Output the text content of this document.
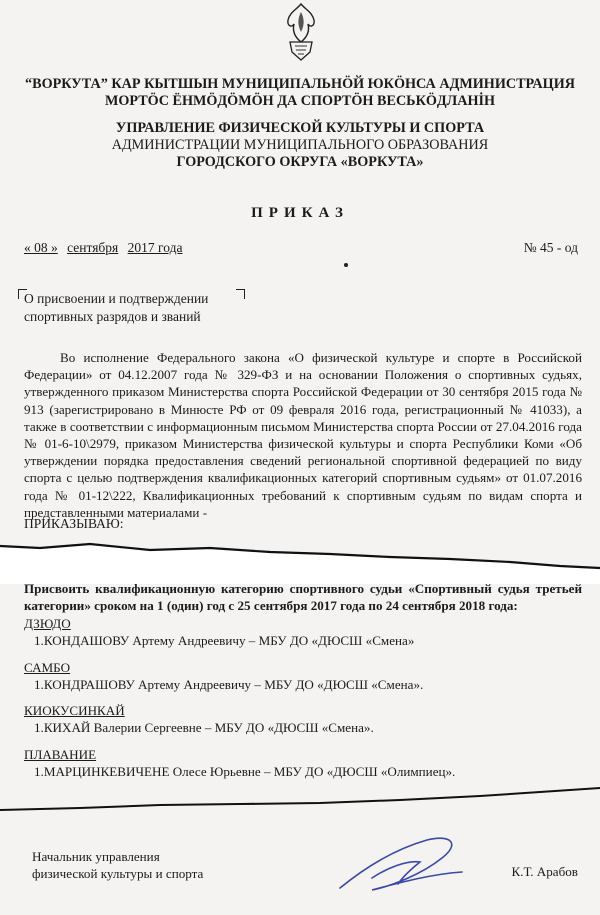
“ВОРКУТА” КАР КЫТШЫН МУНИЦИПАЛЬНÖЙ ЮКÖНСА АДМИНИСТРАЦИЯ
МОРТÖС ЁНМÖДÖМÖН ДА СПОРТÖН ВЕСЬКÖДЛАНİН
УПРАВЛЕНИЕ ФИЗИЧЕСКОЙ КУЛЬТУРЫ И СПОРТА
АДМИНИСТРАЦИИ МУНИЦИПАЛЬНОГО ОБРАЗОВАНИЯ
ГОРОДСКОГО ОКРУГА «ВОРКУТА»
ПРИКАЗ
« 08 » сентября 2017 года	№ 45 - од
О присвоении и подтверждении
спортивных разрядов и званий
Во исполнение Федерального закона «О физической культуре и спорте в Российской Федерации» от 04.12.2007 года № 329-ФЗ и на основании Положения о спортивных судьях, утвержденного приказом Министерства спорта Российской Федерации от 30 сентября 2015 года № 913 (зарегистрировано в Минюсте РФ от 09 февраля 2016 года, регистрационный № 41033), а также в соответствии с информационным письмом Министерства спорта России от 27.04.2016 года № 01-6-10\2979, приказом Министерства физической культуры и спорта Республики Коми «Об утверждении порядка предоставления сведений региональной спортивной федерацией по виду спорта с целью подтверждения квалификационных категорий спортивным судьям» от 01.07.2016 года № 01-12\222, Квалификационных требований к спортивным судьям по видам спорта и представленными материалами -
ПРИКАЗЫВАЮ:
Присвоить квалификационную категорию спортивного судьи «Спортивный судья третьей категории» сроком на 1 (один) год с 25 сентября 2017 года по 24 сентября 2018 года:
ДЗЮДО
1.КОНДАШОВУ Артему Андреевичу – МБУ ДО «ДЮСШ «Смена»
САМБО
1.КОНДРАШОВУ Артему Андреевичу – МБУ ДО «ДЮСШ «Смена».
КИОКУСИНКАЙ
1.КИХАЙ Валерии Сергеевне – МБУ ДО «ДЮСШ «Смена».
ПЛАВАНИЕ
1.МАРЦИНКЕВИЧЕНЕ Олесе Юрьевне – МБУ ДО «ДЮСШ «Олимпиец».
Начальник управления
физической культуры и спорта	К.Т. Арабов
